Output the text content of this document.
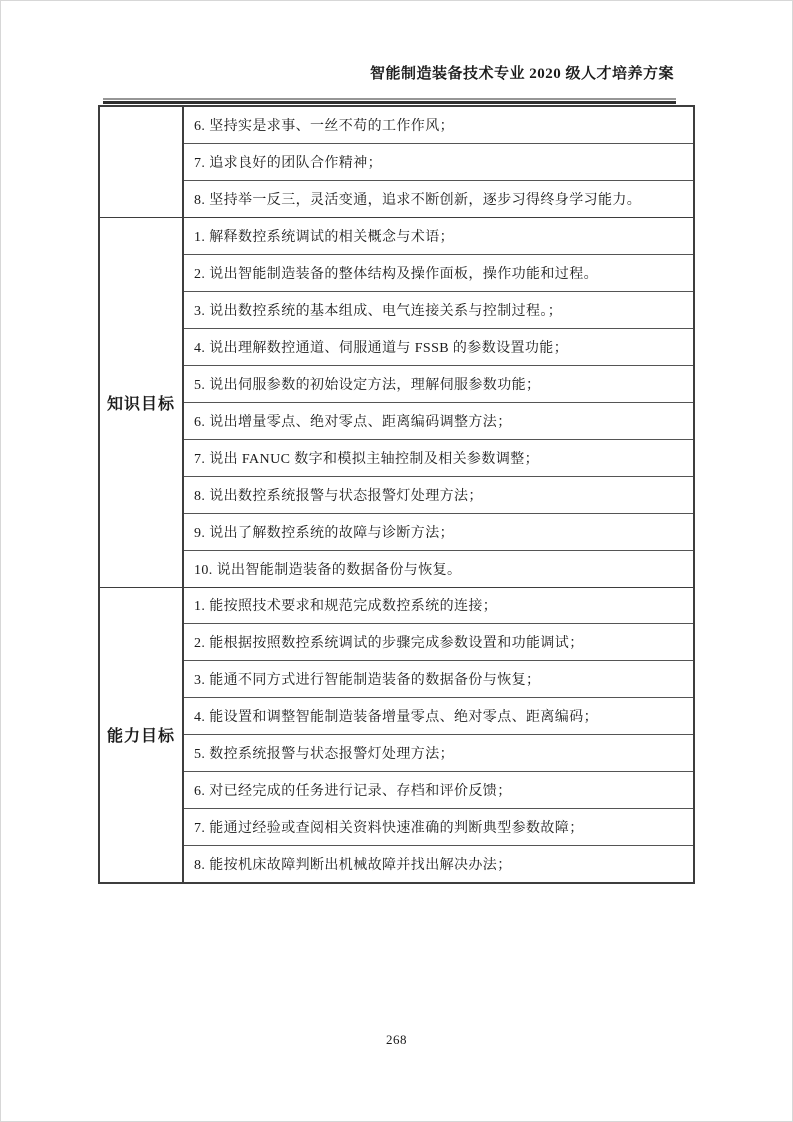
智能制造装备技术专业 2020 级人才培养方案
6. 坚持实是求事、一丝不苟的工作作风；
7. 追求良好的团队合作精神；
8. 坚持举一反三，灵活变通，追求不断创新，逐步习得终身学习能力。
知识目标
1. 解释数控系统调试的相关概念与术语；
2. 说出智能制造装备的整体结构及操作面板，操作功能和过程。
3. 说出数控系统的基本组成、电气连接关系与控制过程。；
4. 说出理解数控通道、伺服通道与 FSSB 的参数设置功能；
5. 说出伺服参数的初始设定方法，理解伺服参数功能；
6. 说出增量零点、绝对零点、距离编码调整方法；
7. 说出 FANUC 数字和模拟主轴控制及相关参数调整；
8. 说出数控系统报警与状态报警灯处理方法；
9. 说出了解数控系统的故障与诊断方法；
10. 说出智能制造装备的数据备份与恢复。
能力目标
1. 能按照技术要求和规范完成数控系统的连接；
2. 能根据按照数控系统调试的步骤完成参数设置和功能调试；
3. 能通不同方式进行智能制造装备的数据备份与恢复；
4. 能设置和调整智能制造装备增量零点、绝对零点、距离编码；
5. 数控系统报警与状态报警灯处理方法；
6. 对已经完成的任务进行记录、存档和评价反馈；
7. 能通过经验或查阅相关资料快速准确的判断典型参数故障；
8. 能按机床故障判断出机械故障并找出解决办法；
268
